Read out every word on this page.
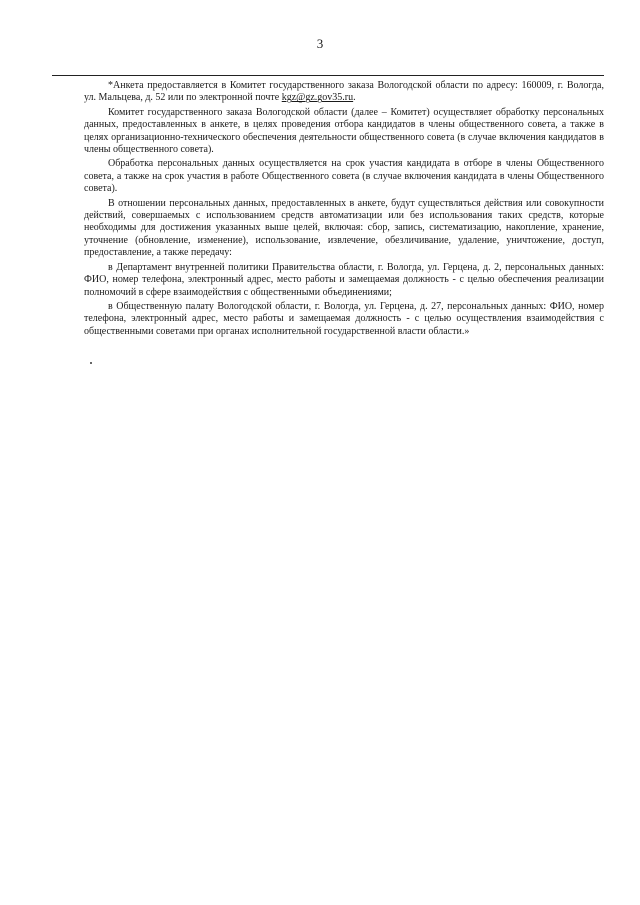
3

*Анкета предоставляется в Комитет государственного заказа Вологодской области по адресу: 160009, г. Вологда, ул. Мальцева, д. 52 или по электронной почте kgz@gz.gov35.ru.

Комитет государственного заказа Вологодской области (далее – Комитет) осуществляет обработку персональных данных, предоставленных в анкете, в целях проведения отбора кандидатов в члены общественного совета, а также в целях организационно-технического обеспечения деятельности общественного совета (в случае включения кандидатов в члены общественного совета).

Обработка персональных данных осуществляется на срок участия кандидата в отборе в члены Общественного совета, а также на срок участия в работе Общественного совета (в случае включения кандидата в члены Общественного совета).

В отношении персональных данных, предоставленных в анкете, будут существляться действия или совокупности действий, совершаемых с использованием средств автоматизации или без использования таких средств, которые необходимы для достижения указанных выше целей, включая: сбор, запись, систематизацию, накопление, хранение, уточнение (обновление, изменение), использование, извлечение, обезличивание, удаление, уничтожение, доступ, предоставление, а также передачу:

в Департамент внутренней политики Правительства области, г. Вологда, ул. Герцена, д. 2, персональных данных: ФИО, номер телефона, электронный адрес, место работы и замещаемая должность - с целью обеспечения реализации полномочий в сфере взаимодействия с общественными объединениями;

в Общественную палату Вологодской области, г. Вологда, ул. Герцена, д. 27, персональных данных: ФИО, номер телефона, электронный адрес, место работы и замещаемая должность - с целью осуществления взаимодействия с общественными советами при органах исполнительной государственной власти области.»
